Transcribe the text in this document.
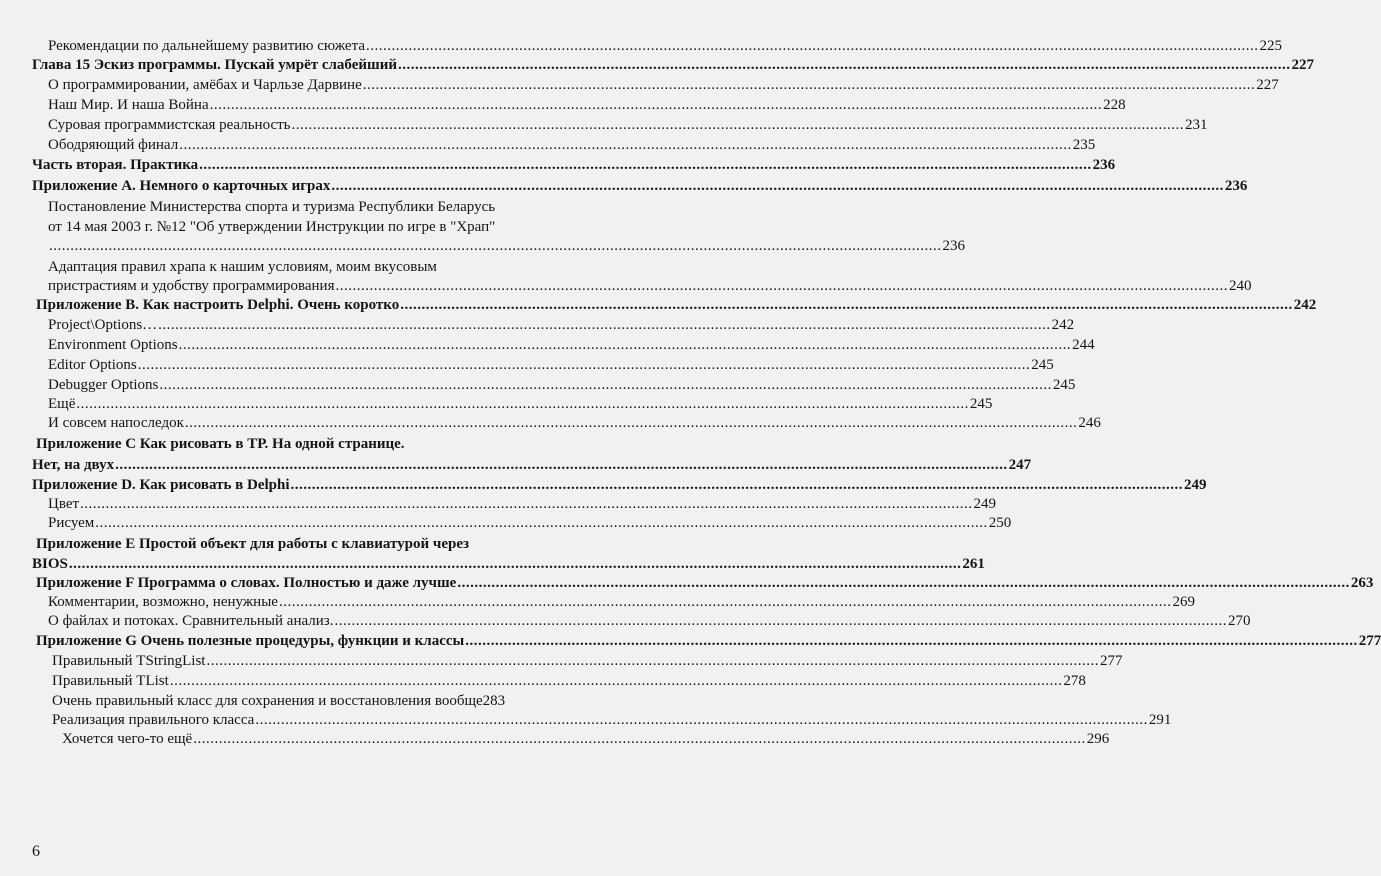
Рекомендации по дальнейшему развитию сюжета .....	225
Глава 15 Эскиз программы. Пускай умрёт слабейший .....	227
О программировании, амёбах и Чарльзе Дарвине .....	227
Наш Мир. И наша Война .....	228
Суровая программистская реальность .....	231
Ободряющий финал .....	235
Часть вторая. Практика .....	236
Приложение А. Немного о карточных играх .....	236
Постановление Министерства спорта и туризма Республики Беларусь
от 14 мая 2003 г. №12 "Об утверждении Инструкции по игре в "Храп"
.....
236
Адаптация правил храпа к нашим условиям, моим вкусовым
пристрастиям и удобству программирования .....	240
Приложение В. Как настроить Delphi. Очень коротко .....	242
Project\Options… .....	242
Environment Options .....	244
Editor Options .....	245
Debugger Options .....	245
Ещё .....	245
И совсем напоследок .....	246
Приложение С Как рисовать в ТР. На одной странице.
Нет, на двух .....	247
Приложение D. Как рисовать в Delphi .....	249
Цвет .....	249
Рисуем .....	250
Приложение Е Простой объект для работы с клавиатурой через
BIOS .....	261
Приложение F Программа о словах. Полностью и даже лучше .....	263
Комментарии, возможно, ненужные .....	269
О файлах и потоках. Сравнительный анализ. .....	270
Приложение G Очень полезные процедуры, функции и классы .....	277
Правильный TStringList .....	277
Правильный TList .....	278
Очень правильный класс для сохранения и восстановления вообще 283
Реализация правильного класса .....	291
Хочется чего-то ещё .....	296
6
